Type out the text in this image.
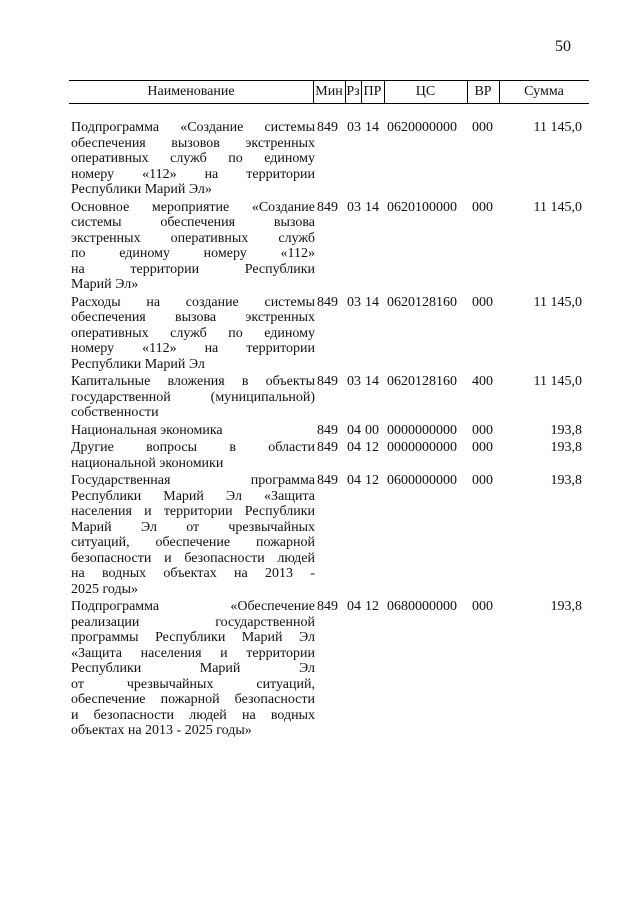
50
Наименование	Мин Рз ПР	ЦС	ВР	Сумма
Подпрограмма «Создание системы
обеспечения вызовов экстренных
оперативных служб по единому
номеру «112» на территории
Республики Марий Эл»
849 03 14 0620000000 000	11 145,0
Основное мероприятие «Создание
системы обеспечения вызова
экстренных оперативных служб
по единому номеру «112»
на территории Республики
Марий Эл»
849 03 14 0620100000 000	11 145,0
Расходы на создание системы
обеспечения вызова экстренных
оперативных служб по единому
номеру «112» на территории
Республики Марий Эл
849 03 14 0620128160 000	11 145,0
Капитальные вложения в объекты
государственной (муниципальной)
собственности
849 03 14 0620128160 400	11 145,0
Национальная экономика	849 04 00 0000000000 000	193,8
Другие вопросы в области
национальной экономики
849 04 12 0000000000 000	193,8
Государственная программа
Республики Марий Эл «Защита
населения и территории Республики
Марий Эл от чрезвычайных
ситуаций, обеспечение пожарной
безопасности и безопасности людей
на водных объектах на 2013 -
2025 годы»
849 04 12 0600000000 000	193,8
Подпрограмма «Обеспечение
реализации государственной
программы Республики Марий Эл
«Защита населения и территории
Республики Марий Эл
от чрезвычайных ситуаций,
обеспечение пожарной безопасности
и безопасности людей на водных
объектах на 2013 - 2025 годы»
849 04 12 0680000000 000	193,8
